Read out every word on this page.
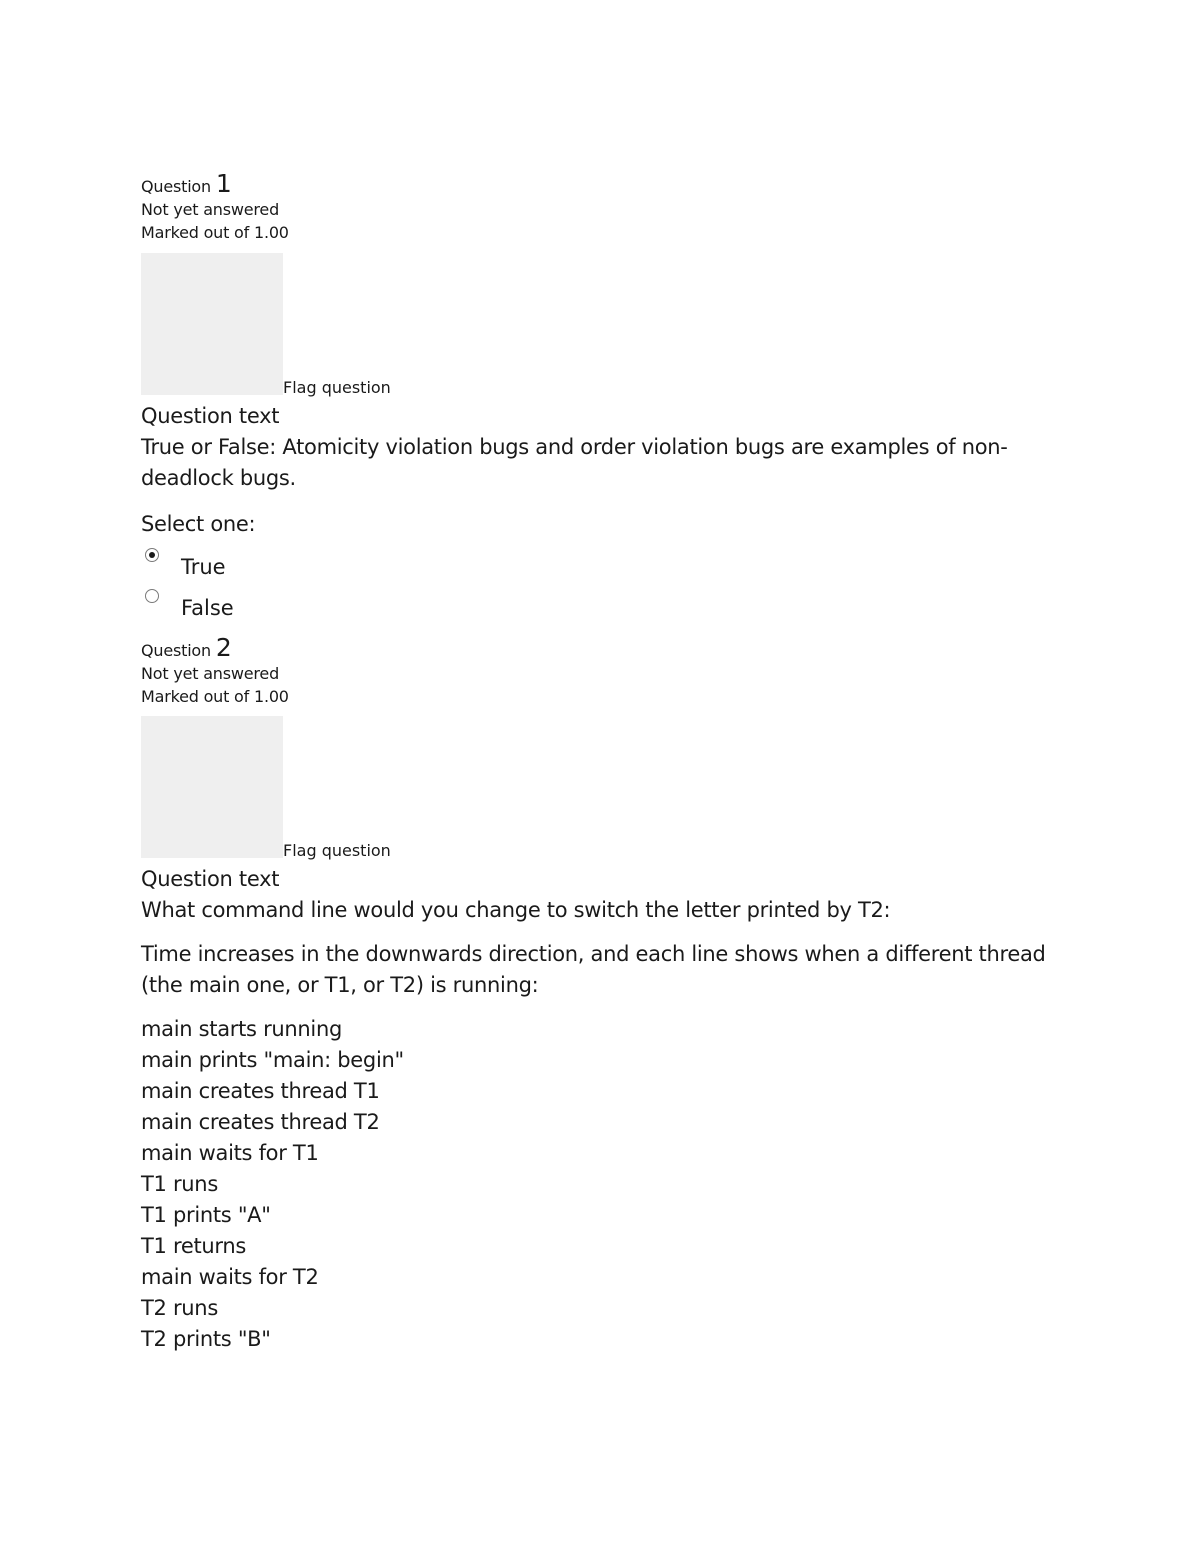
Question 1
Not yet answered
Marked out of 1.00
Flag question
Question text
True or False: Atomicity violation bugs and order violation bugs are examples of non-deadlock bugs.
Select one:
True
False
Question 2
Not yet answered
Marked out of 1.00
Flag question
Question text
What command line would you change to switch the letter printed by T2:
Time increases in the downwards direction, and each line shows when a different thread (the main one, or T1, or T2) is running:
main starts running
main prints "main: begin"
main creates thread T1
main creates thread T2
main waits for T1
T1 runs
T1 prints "A"
T1 returns
main waits for T2
T2 runs
T2 prints "B"
